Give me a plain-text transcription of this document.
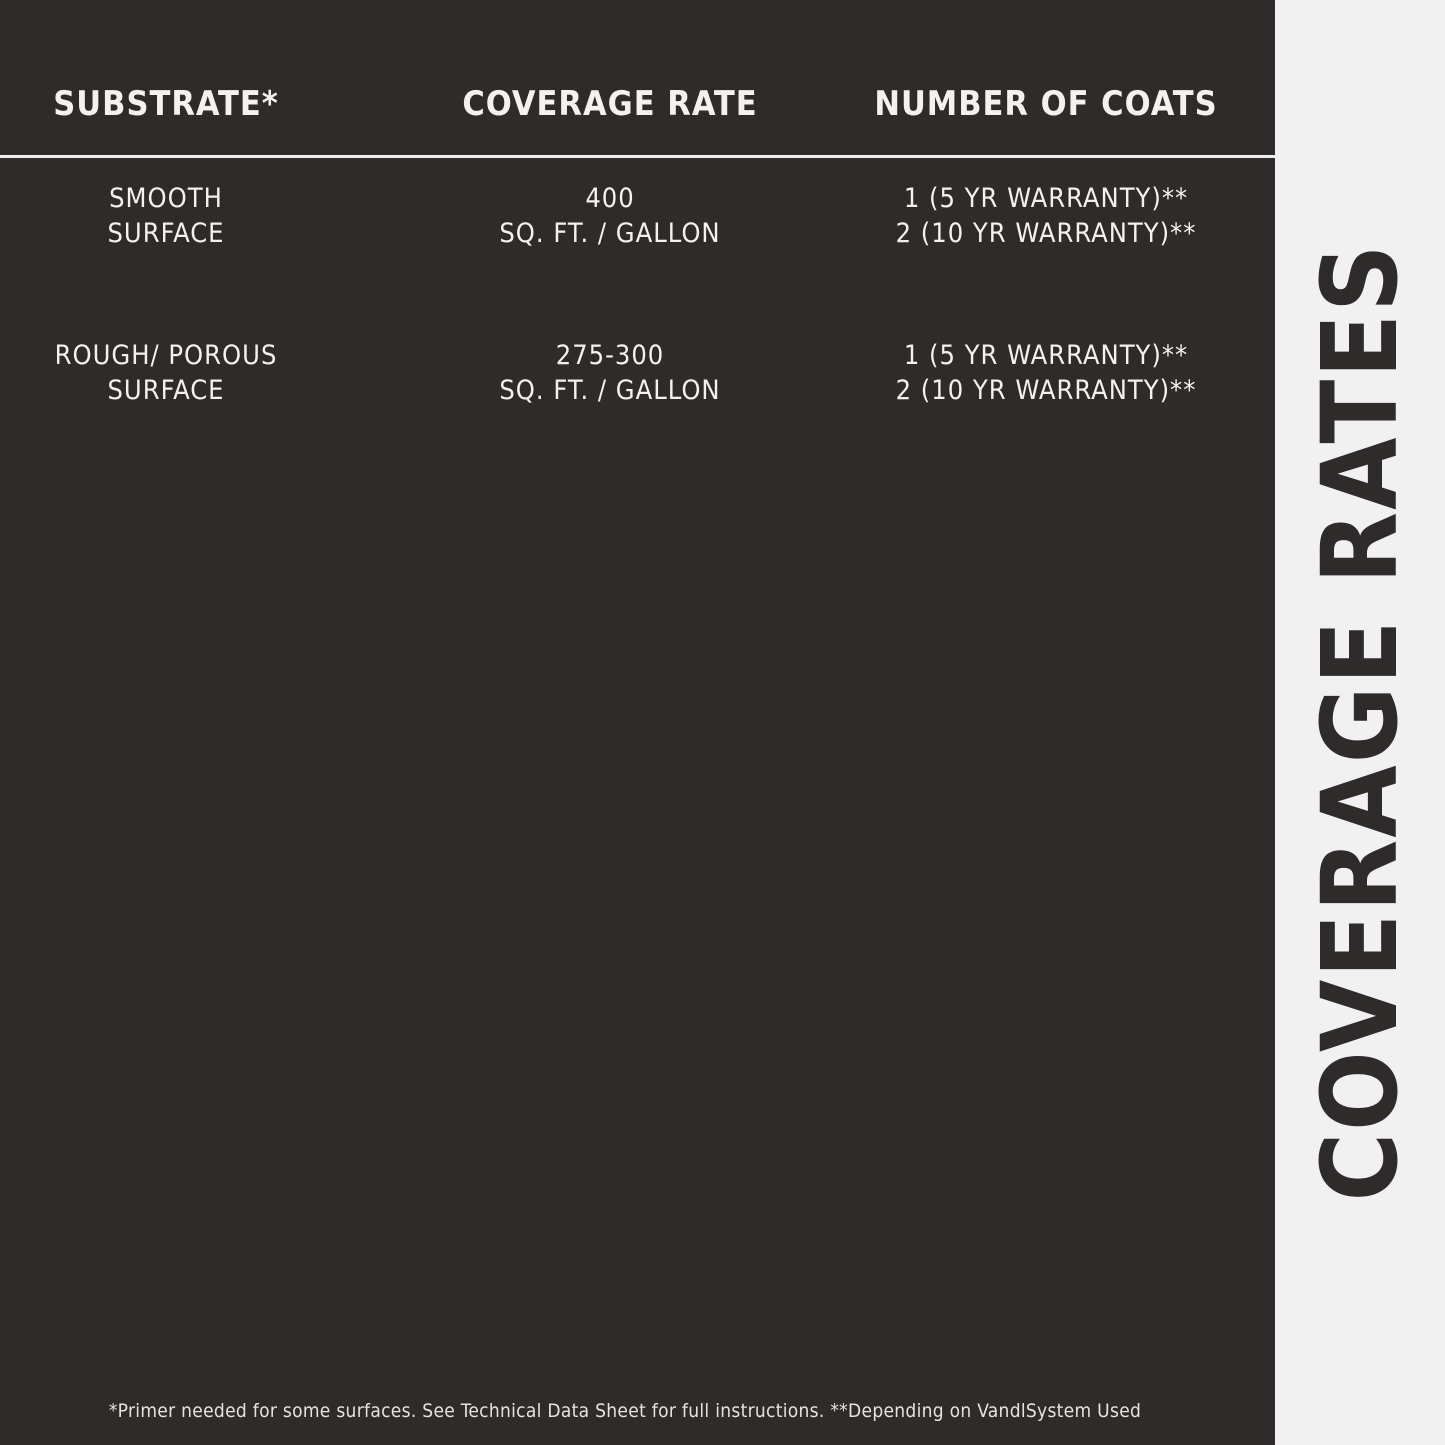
SUBSTRATE*	COVERAGE RATE	NUMBER OF COATS
SMOOTH
SURFACE
400
SQ. FT. / GALLON
1 (5 YR WARRANTY)**
2 (10 YR WARRANTY)**
ROUGH/ POROUS
SURFACE
275-300
SQ. FT. / GALLON
1 (5 YR WARRANTY)**
2 (10 YR WARRANTY)**
*Primer needed for some surfaces. See Technical Data Sheet for full instructions. **Depending on VandlSystem Used
COVERAGE RATES
